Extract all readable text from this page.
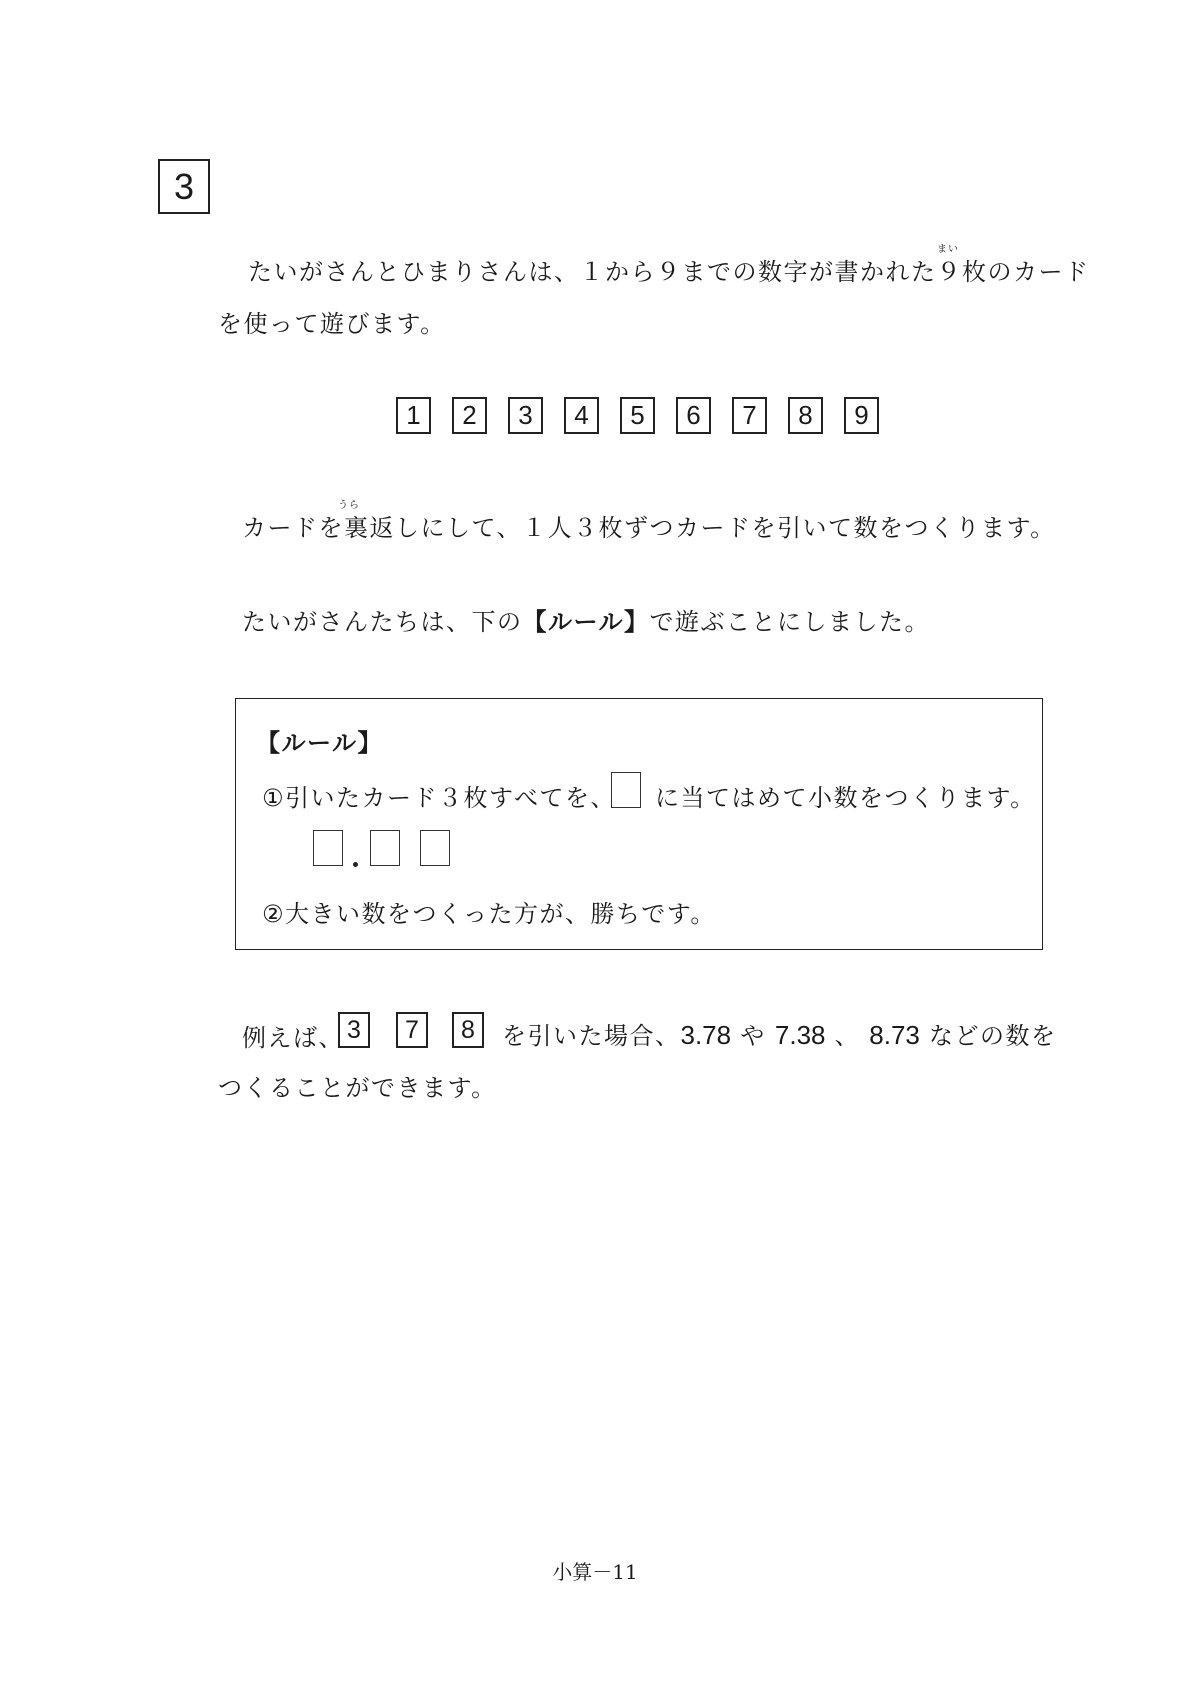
3
まい
たいがさんとひまりさんは、１から９までの数字が書かれた９枚のカード
を使って遊びます。
1 2 3 4 5 6 7 8 9
うら
カードを裏返しにして、１人３枚ずつカードを引いて数をつくります。
たいがさんたちは、下の【ルール】で遊ぶことにしました。
【ルール】
①引いたカード３枚すべてを、 に当てはめて小数をつくります。
②大きい数をつくった方が、勝ちです。
例えば、 3 7 8 を引いた場合、3.78 や 7.38 、 8.73 などの数を
つくることができます。
小算－11
